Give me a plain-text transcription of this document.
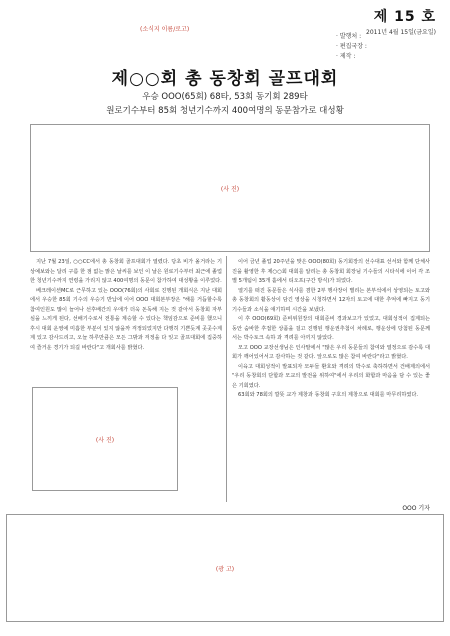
(소식지 이름/로고)
제 15 호
2011년 4월 15일(금요일)
· 발행처 :
· 편집국장 :
· 제작 :
제○○회 총 동창회 골프대회
우승 OOO(65회) 68타, 53회 동기회 289타
원로기수부터 85회 청년기수까지 400여명의 동문참가로 대성황
(사 진)

지난 7월 23일, ○○CC에서 총 동창회 골프대회가 열렸다. 당초 비가 올거라는 기상예보와는 달리 구름 한 점 없는 맑은 날씨를 보인 이 날은 원로기수부터 최근에 졸업한 청년기수까지 연령을 가리지 않고 400여명의 동문이 참가하여 대성황을 이루었다.

베크레이션MC로 근무하고 있는 OOO(76회)의 사회로 진행된 개회식은 지난 대회에서 우승한 85회 기수의 우승기 반납에 이어 OOO 대회본부장은 "해를 거듭할수록 참여인원도 많이 늘어나 선후배간의 우애가 더욱 돈독해 지는 것 같아서 동창회 자부심을 느끼게 된다, 선배기수로서 전통을 계승할 수 있다는 책임감으로 준비를 했으니 후시 대회 운영에 미흡한 부분이 있지 않을까 걱정되었지만 다행히 기쁜듯계 곳곳수계계 있고 감사드리고, 오늘 하루만큼은 모든 그밖과 걱정을 다 잊고 골프대회에 집중하여 즐거운 경기가 되길 바란다"고 개회사를 밝혔다.

(사 진)

이어 금년 졸업 20주년을 맞은 OOO(80회) 동기회장의 선수대표 선서와 함께 단체사진을 촬영한 후 제○○회 대회를 알리는 총 동창회 회장님 기수들의 시타식에 이어 각 조별 5개팀이 35개 홀에서 티오프(구간 방식)가 되었다.

열기를 떠진 동문들은 식사를 겸한 2부 행사장이 별리는 본부석에서 상영되는 토고와 총 동창회의 활동상이 담긴 영상을 시청하면서 12자의 토고에 대한 추억에 빠지고 동기 기수들과 소식을 얘기하며 시간을 보냈다.

이 후 OOO(69회) 준비위원장의 대회준비 경과보고가 있었고, 대회성적이 집계되는 동안 숨바한 후접한 상품을 걸고 진행된 행운권추첨이 차례로, 행운상에 당첨된 동문께서는 박수토크 속하 과 격려를 아끼지 않았다.

모고 OOO 교장선생님은 인사말에서 "많은 우리 동문들의 참여와 열정으로 감수록 대회가 깨어있어서고 감사하는 것 같다. 앞으로도 많은 참여 바란다"라고 밝혔다.

이육고 대회성적이 발표되자 모두들 환호와 격려의 박수로 축하하면서 건배제의에서 "우리 동창회의 단합과 모교의 발전을 위하여"에서 우리의 화합과 마음을 담 수 있는 좋은 기회였다.

63회와 78회의 깔뜻 교가 제창과 동창회 구호의 제창으로 대회를 마무리하였다.

OOO 기자
(광 고)
